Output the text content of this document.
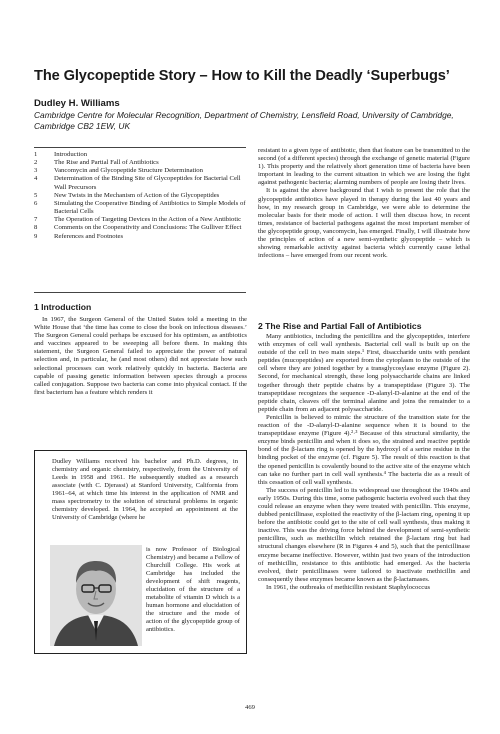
The Glycopeptide Story – How to Kill the Deadly ‘Superbugs’
Dudley H. Williams
Cambridge Centre for Molecular Recognition, Department of Chemistry, Lensfield Road, University of Cambridge, Cambridge CB2 1EW, UK
1	Introduction
2	The Rise and Partial Fall of Antibiotics
3	Vancomycin and Glycopeptide Structure Determination
4	Determination of the Binding Site of Glycopeptides for Bacterial Cell Wall Precursors
5	New Twists in the Mechanism of Action of the Glycopeptides
6	Simulating the Cooperative Binding of Antibiotics to Simple Models of Bacterial Cells
7	The Operation of Targeting Devices in the Action of a New Antibiotic
8	Comments on the Cooperativity and Conclusions: The Gulliver Effect
9	References and Footnotes
1 Introduction

In 1967, the Surgeon General of the United States told a meeting in the White House that ‘the time has come to close the book on infectious diseases.’ The Surgeon General could perhaps be excused for his optimism, as antibiotics and vaccines appeared to be sweeping all before them. In making this statement, the Surgeon General failed to appreciate the power of natural selection and, in particular, he (and most others) did not appreciate how such selectional processes can work relatively quickly in bacteria. Bacteria are capable of passing genetic information between species through a process called conjugation. Suppose two bacteria can come into physical contact. If the first bacterium has a feature which renders it

Dudley Williams received his bachelor and Ph.D. degrees, in chemistry and organic chemistry, respectively, from the University of Leeds in 1958 and 1961. He subsequently studied as a research associate (with C. Djerassi) at Stanford University, California from 1961–64, at which time his interest in the application of NMR and mass spectrometry to the solution of structural problems in organic chemistry developed. In 1964, he accepted an appointment at the University of Cambridge (where he

is now Professor of Biological Chemistry) and became a Fellow of Churchill College. His work at Cambridge has included the development of shift reagents, elucidation of the structure of a metabolite of vitamin D which is a human hormone and elucidation of the structure and the mode of action of the glycopeptide group of antibiotics.

resistant to a given type of antibiotic, then that feature can be transmitted to the second (of a different species) through the exchange of genetic material (Figure 1). This property and the relatively short generation time of bacteria have been important in leading to the current situation in which we are losing the fight against pathogenic bacteria; alarming numbers of people are losing their lives.

It is against the above background that I wish to present the role that the glycopeptide antibiotics have played in therapy during the last 40 years and how, in my research group in Cambridge, we were able to determine the molecular basis for their mode of action. I will then discuss how, in recent times, resistance of bacterial pathogens against the most important member of the glycopeptide group, vancomycin, has emerged. Finally, I will illustrate how the principles of action of a new semi-synthetic glycopeptide – which is showing remarkable activity against bacteria which currently cause lethal infections – have emerged from our recent work.

2 The Rise and Partial Fall of Antibiotics

Many antibiotics, including the penicillins and the glycopeptides, interfere with enzymes of cell wall synthesis. Bacterial cell wall is built up on the outside of the cell in two main steps.¹ First, disaccharide units with pendant peptides (mucopeptides) are exported from the cytoplasm to the outside of the cell where they are joined together by a transglycosylase enzyme (Figure 2). Second, for mechanical strength, these long polysaccharide chains are linked together through their peptide chains by a transpeptidase (Figure 3). The transpeptidase recognizes the sequence -D-alanyl-D-alanine at the end of the peptide chain, cleaves off the terminal alanine and joins the remainder to a peptide chain from an adjacent polysaccharide.

Penicillin is believed to mimic the structure of the transition state for the reaction of the -D-alanyl-D-alanine sequence when it is bound to the transpeptidase enzyme (Figure 4).²·³ Because of this structural similarity, the enzyme binds penicillin and when it does so, the strained and reactive peptide bond of the β-lactam ring is opened by the hydroxyl of a serine residue in the binding pocket of the enzyme (cf. Figure 5). The result of this reaction is that the opened penicillin is covalently bound to the active site of the enzyme which can take no further part in cell wall synthesis.⁴ The bacteria die as a result of this cessation of cell wall synthesis.

The success of penicillin led to its widespread use throughout the 1940s and early 1950s. During this time, some pathogenic bacteria evolved such that they could release an enzyme when they were treated with penicillin. This enzyme, dubbed penicillinase, exploited the reactivity of the β-lactam ring, opening it up before the antibiotic could get to the site of cell wall synthesis, thus making it inactive. This was the driving force behind the development of semi-synthetic penicillins, such as methicillin which retained the β-lactam ring but had structural changes elsewhere (R in Figures 4 and 5), such that the penicillinase enzyme became ineffective. However, within just two years of the introduction of methicillin, resistance to this antibiotic had emerged. As the bacteria evolved, their penicillinases were tailored to inactivate methicillin and consequently these enzymes became known as the β-lactamases.

In 1961, the outbreaks of methicillin resistant Staphylococcus

469
